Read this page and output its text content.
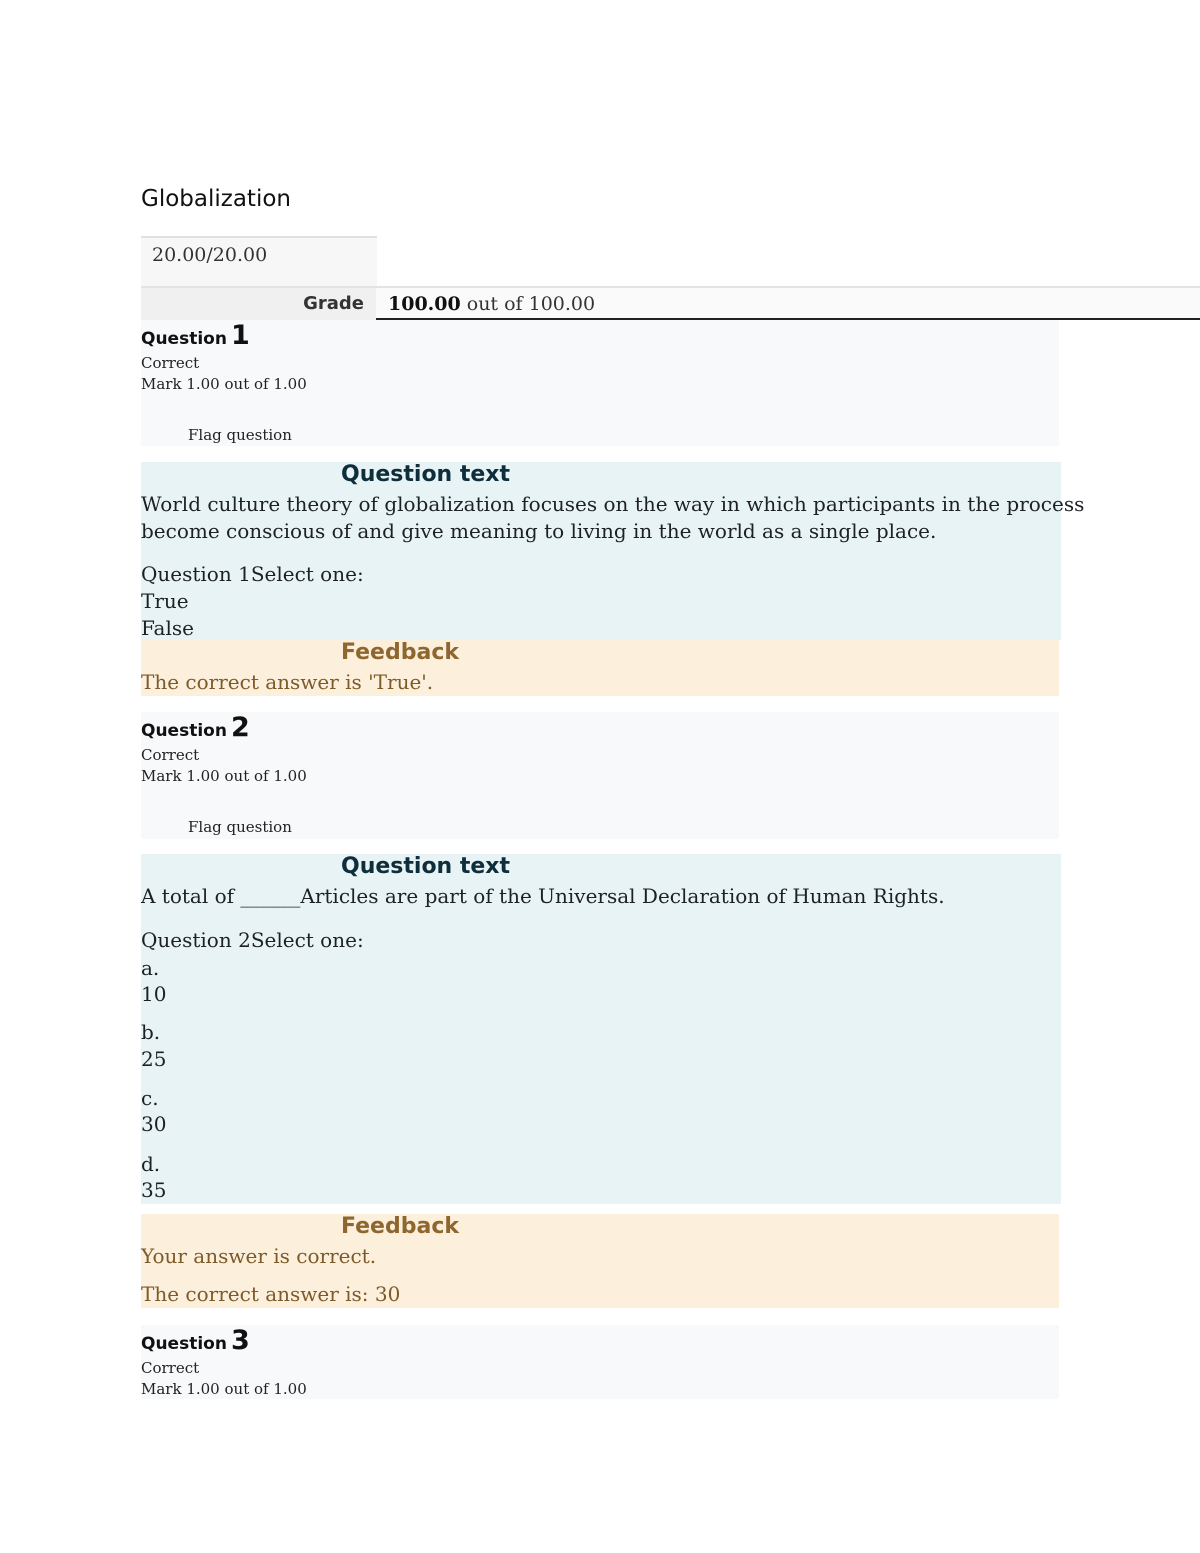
Globalization
20.00/20.00
Grade 100.00 out of 100.00
Question 1
Correct
Mark 1.00 out of 1.00
Flag question
Question text
World culture theory of globalization focuses on the way in which participants in the process
become conscious of and give meaning to living in the world as a single place.
Question 1Select one:
True
False
Feedback
The correct answer is 'True'.
Question 2
Correct
Mark 1.00 out of 1.00
Flag question
Question text
A total of ______Articles are part of the Universal Declaration of Human Rights.
Question 2Select one:
a.
10
b.
25
c.
30
d.
35
Feedback
Your answer is correct.
The correct answer is: 30
Question 3
Correct
Mark 1.00 out of 1.00
